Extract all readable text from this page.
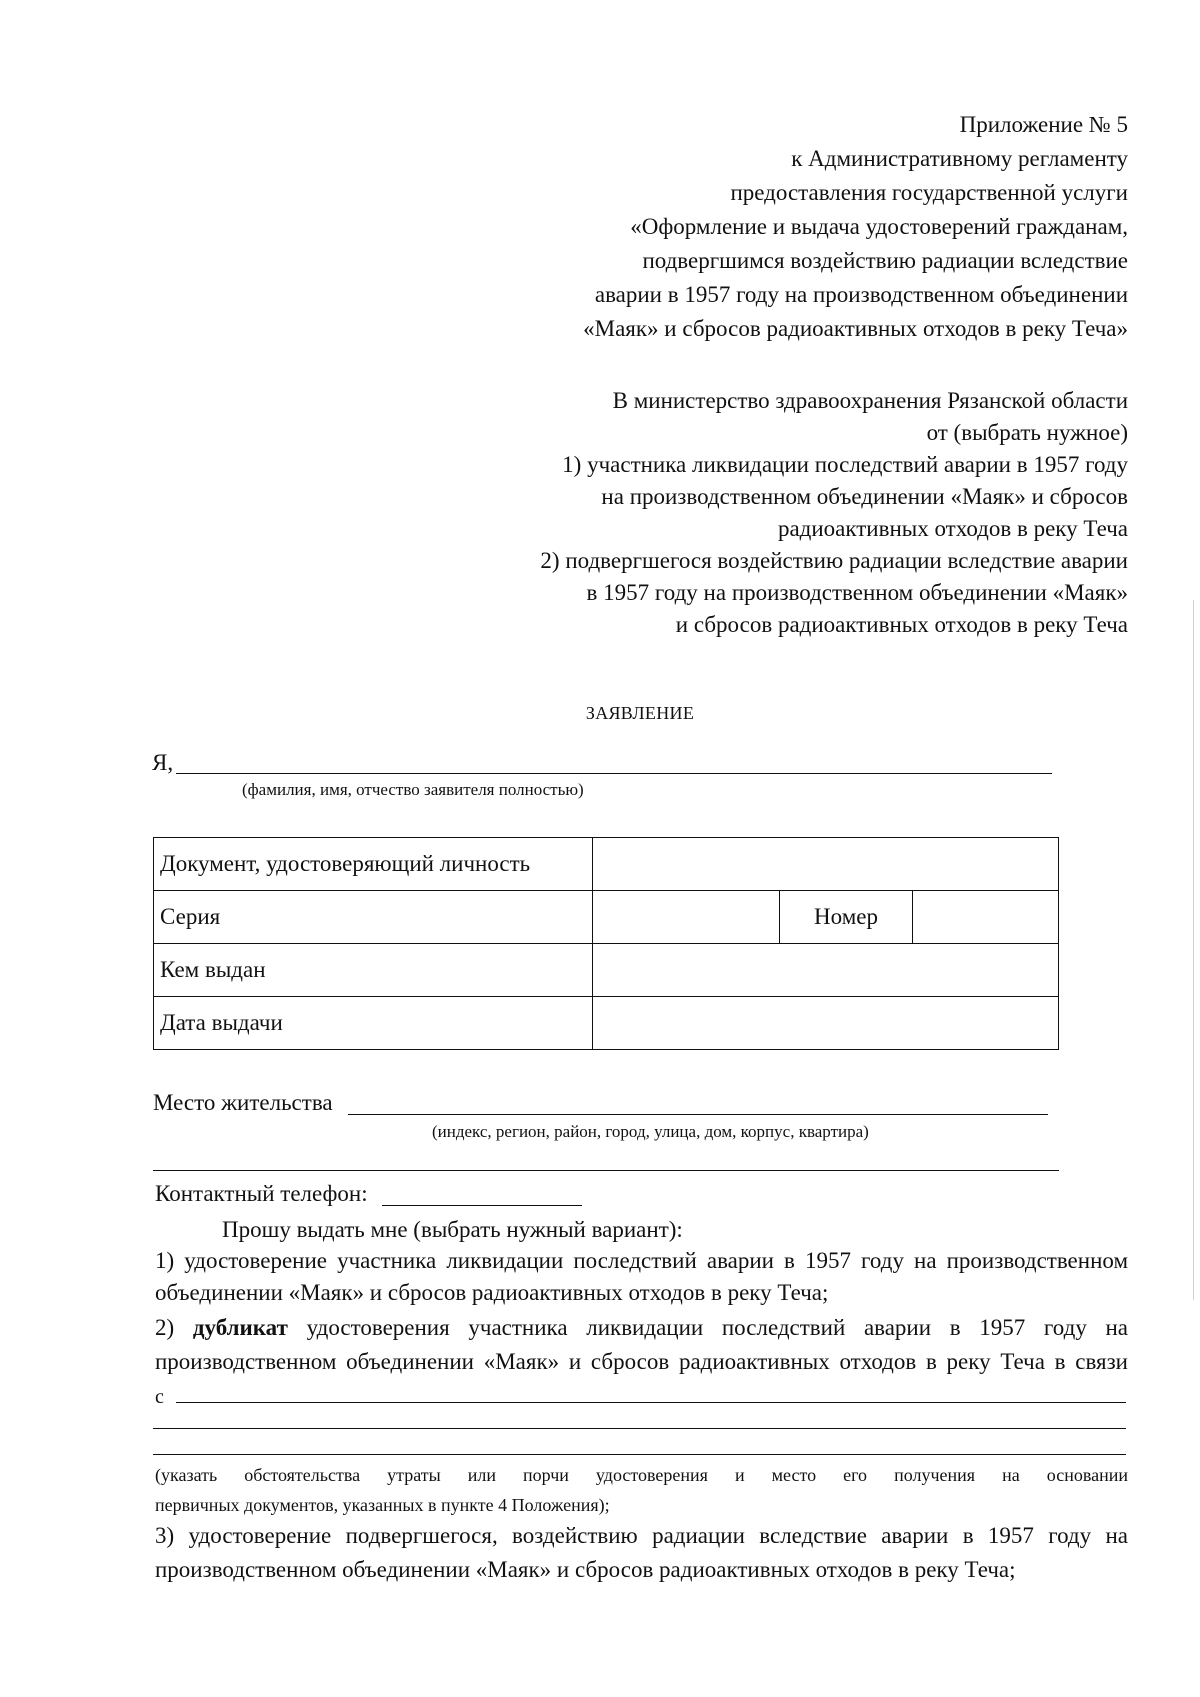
Приложение № 5
к Административному регламенту
предоставления государственной услуги
«Оформление и выдача удостоверений гражданам,
подвергшимся воздействию радиации вследствие
аварии в 1957 году на производственном объединении
«Маяк» и сбросов радиоактивных отходов в реку Теча»
В министерство здравоохранения Рязанской области
от (выбрать нужное)
1) участника ликвидации последствий аварии в 1957 году
на производственном объединении «Маяк» и сбросов
радиоактивных отходов в реку Теча
2) подвергшегося воздействию радиации вследствие аварии
в 1957 году на производственном объединении «Маяк»
и сбросов радиоактивных отходов в реку Теча
ЗАЯВЛЕНИЕ
Я,
(фамилия, имя, отчество заявителя полностью)
Документ, удостоверяющий личность			
Серия		Номер	
Кем выдан			
Дата выдачи			
Место жительства
(индекс, регион, район, город, улица, дом, корпус, квартира)
Контактный телефон:
Прошу выдать мне (выбрать нужный вариант):
1) удостоверение участника ликвидации последствий аварии в 1957 году на производственном
объединении «Маяк» и сбросов радиоактивных отходов в реку Теча;
2) дубликат удостоверения участника ликвидации последствий аварии в 1957 году на
производственном объединении «Маяк» и сбросов радиоактивных отходов в реку Теча в связи
с
(указать обстоятельства утраты или порчи удостоверения и место его получения на основании
первичных документов, указанных в пункте 4 Положения);
3) удостоверение подвергшегося, воздействию радиации вследствие аварии в 1957 году на
производственном объединении «Маяк» и сбросов радиоактивных отходов в реку Теча;
